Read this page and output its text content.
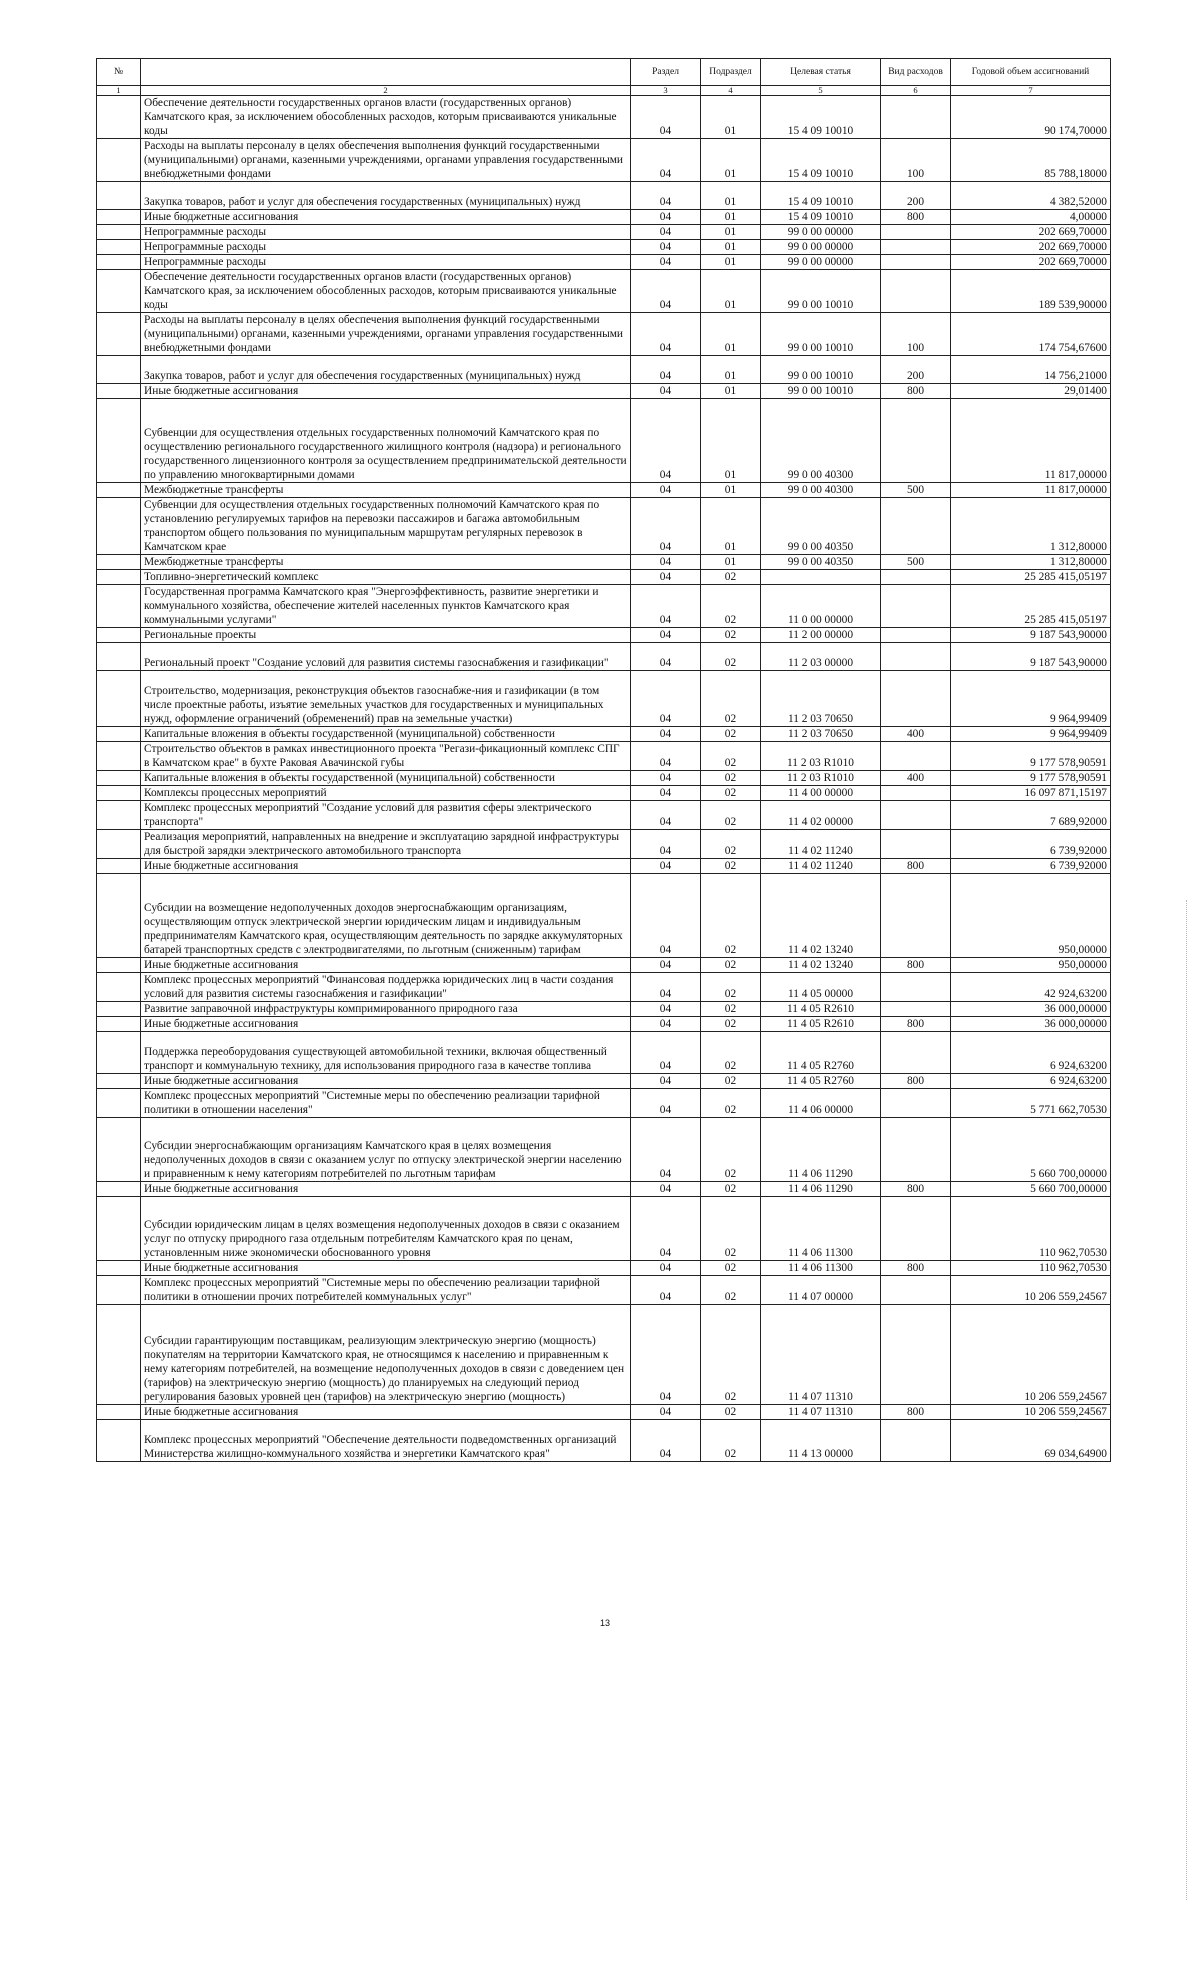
№		Раздел	Подраздел	Целевая статья	Вид расходов	Годовой объем ассигнований
1	2	3	4	5	6	7
	Обеспечение деятельности государственных органов власти (государственных органов) Камчатского края, за исключением обособленных расходов, которым присваиваются уникальные коды	04	01	15 4 09 10010		90 174,70000
	Расходы на выплаты персоналу в целях обеспечения выполнения функций государственными (муниципальными) органами, казенными учреждениями, органами управления государственными внебюджетными фондами	04	01	15 4 09 10010	100	85 788,18000
	Закупка товаров, работ и услуг для обеспечения государственных (муниципальных) нужд	04	01	15 4 09 10010	200	4 382,52000
	Иные бюджетные ассигнования	04	01	15 4 09 10010	800	4,00000
	Непрограммные расходы	04	01	99 0 00 00000		202 669,70000
	Непрограммные расходы	04	01	99 0 00 00000		202 669,70000
	Непрограммные расходы	04	01	99 0 00 00000		202 669,70000
	Обеспечение деятельности государственных органов власти (государственных органов) Камчатского края, за исключением обособленных расходов, которым присваиваются уникальные коды	04	01	99 0 00 10010		189 539,90000
	Расходы на выплаты персоналу в целях обеспечения выполнения функций государственными (муниципальными) органами, казенными учреждениями, органами управления государственными внебюджетными фондами	04	01	99 0 00 10010	100	174 754,67600
	Закупка товаров, работ и услуг для обеспечения государственных (муниципальных) нужд	04	01	99 0 00 10010	200	14 756,21000
	Иные бюджетные ассигнования	04	01	99 0 00 10010	800	29,01400
	Субвенции для осуществления отдельных государственных полномочий Камчатского края по осуществлению регионального государственного жилищного контроля (надзора) и регионального государственного лицензионного контроля за осуществлением предпринимательской деятельности по управлению многоквартирными домами	04	01	99 0 00 40300		11 817,00000
	Межбюджетные трансферты	04	01	99 0 00 40300	500	11 817,00000
	Субвенции для осуществления отдельных государственных полномочий Камчатского края по установлению регулируемых тарифов на перевозки пассажиров и багажа автомобильным транспортом общего пользования по муниципальным маршрутам регулярных перевозок в Камчатском крае	04	01	99 0 00 40350		1 312,80000
	Межбюджетные трансферты	04	01	99 0 00 40350	500	1 312,80000
	Топливно-энергетический комплекс	04	02			25 285 415,05197
	Государственная программа Камчатского края "Энергоэффективность, развитие энергетики и коммунального хозяйства, обеспечение жителей населенных пунктов Камчатского края коммунальными услугами"	04	02	11 0 00 00000		25 285 415,05197
	Региональные проекты	04	02	11 2 00 00000		9 187 543,90000
	Региональный проект "Создание условий для развития системы газоснабжения и газификации"	04	02	11 2 03 00000		9 187 543,90000
	Строительство, модернизация, реконструкция объектов газоснабже-ния и газификации (в том числе проектные работы, изъятие земельных участков для государственных и муниципальных нужд, оформление ограничений (обременений) прав на земельные участки)	04	02	11 2 03 70650		9 964,99409
	Капитальные вложения в объекты государственной (муниципальной) собственности	04	02	11 2 03 70650	400	9 964,99409
	Строительство объектов в рамках инвестиционного проекта "Регази-фикационный комплекс СПГ в Камчатском крае" в бухте Раковая Авачинской губы	04	02	11 2 03 R1010		9 177 578,90591
	Капитальные вложения в объекты государственной (муниципальной) собственности	04	02	11 2 03 R1010	400	9 177 578,90591
	Комплексы процессных мероприятий	04	02	11 4 00 00000		16 097 871,15197
	Комплекс процессных мероприятий "Создание условий для развития сферы электрического транспорта"	04	02	11 4 02 00000		7 689,92000
	Реализация мероприятий, направленных на внедрение и эксплуатацию зарядной инфраструктуры для быстрой зарядки электрического автомобильного транспорта	04	02	11 4 02 11240		6 739,92000
	Иные бюджетные ассигнования	04	02	11 4 02 11240	800	6 739,92000
	Субсидии на возмещение недополученных доходов энергоснабжающим организациям, осуществляющим отпуск электрической энергии юридическим лицам и индивидуальным предпринимателям Камчатского края, осуществляющим деятельность по зарядке аккумуляторных батарей транспортных средств с электродвигателями, по льготным (сниженным) тарифам	04	02	11 4 02 13240		950,00000
	Иные бюджетные ассигнования	04	02	11 4 02 13240	800	950,00000
	Комплекс процессных мероприятий "Финансовая поддержка юридических лиц в части создания условий для развития системы газоснабжения и газификации"	04	02	11 4 05 00000		42 924,63200
	Развитие заправочной инфраструктуры компримированного природного газа	04	02	11 4 05 R2610		36 000,00000
	Иные бюджетные ассигнования	04	02	11 4 05 R2610	800	36 000,00000
	Поддержка переоборудования существующей автомобильной техники, включая общественный транспорт и коммунальную технику, для использования природного газа в качестве топлива	04	02	11 4 05 R2760		6 924,63200
	Иные бюджетные ассигнования	04	02	11 4 05 R2760	800	6 924,63200
	Комплекс процессных мероприятий "Системные меры по обеспечению реализации тарифной политики в отношении населения"	04	02	11 4 06 00000		5 771 662,70530
	Субсидии энергоснабжающим организациям Камчатского края в целях возмещения недополученных доходов в связи с оказанием услуг по отпуску электрической энергии населению и приравненным к нему категориям потребителей по льготным тарифам	04	02	11 4 06 11290		5 660 700,00000
	Иные бюджетные ассигнования	04	02	11 4 06 11290	800	5 660 700,00000
	Субсидии юридическим лицам в целях возмещения недополученных доходов в связи с оказанием услуг по отпуску природного газа отдельным потребителям Камчатского края по ценам, установленным ниже экономически обоснованного уровня	04	02	11 4 06 11300		110 962,70530
	Иные бюджетные ассигнования	04	02	11 4 06 11300	800	110 962,70530
	Комплекс процессных мероприятий "Системные меры по обеспечению реализации тарифной политики в отношении прочих потребителей коммунальных услуг"	04	02	11 4 07 00000		10 206 559,24567
	Субсидии гарантирующим поставщикам, реализующим электрическую энергию (мощность) покупателям на территории Камчатского края, не относящимся к населению и приравненным к нему категориям потребителей, на возмещение недополученных доходов в связи с доведением цен (тарифов) на электрическую энергию (мощность) до планируемых на следующий период регулирования базовых уровней цен (тарифов) на электрическую энергию (мощность)	04	02	11 4 07 11310		10 206 559,24567
	Иные бюджетные ассигнования	04	02	11 4 07 11310	800	10 206 559,24567
	Комплекс процессных мероприятий "Обеспечение деятельности подведомственных организаций Министерства жилищно-коммунального хозяйства и энергетики Камчатского края"	04	02	11 4 13 00000		69 034,64900
13
